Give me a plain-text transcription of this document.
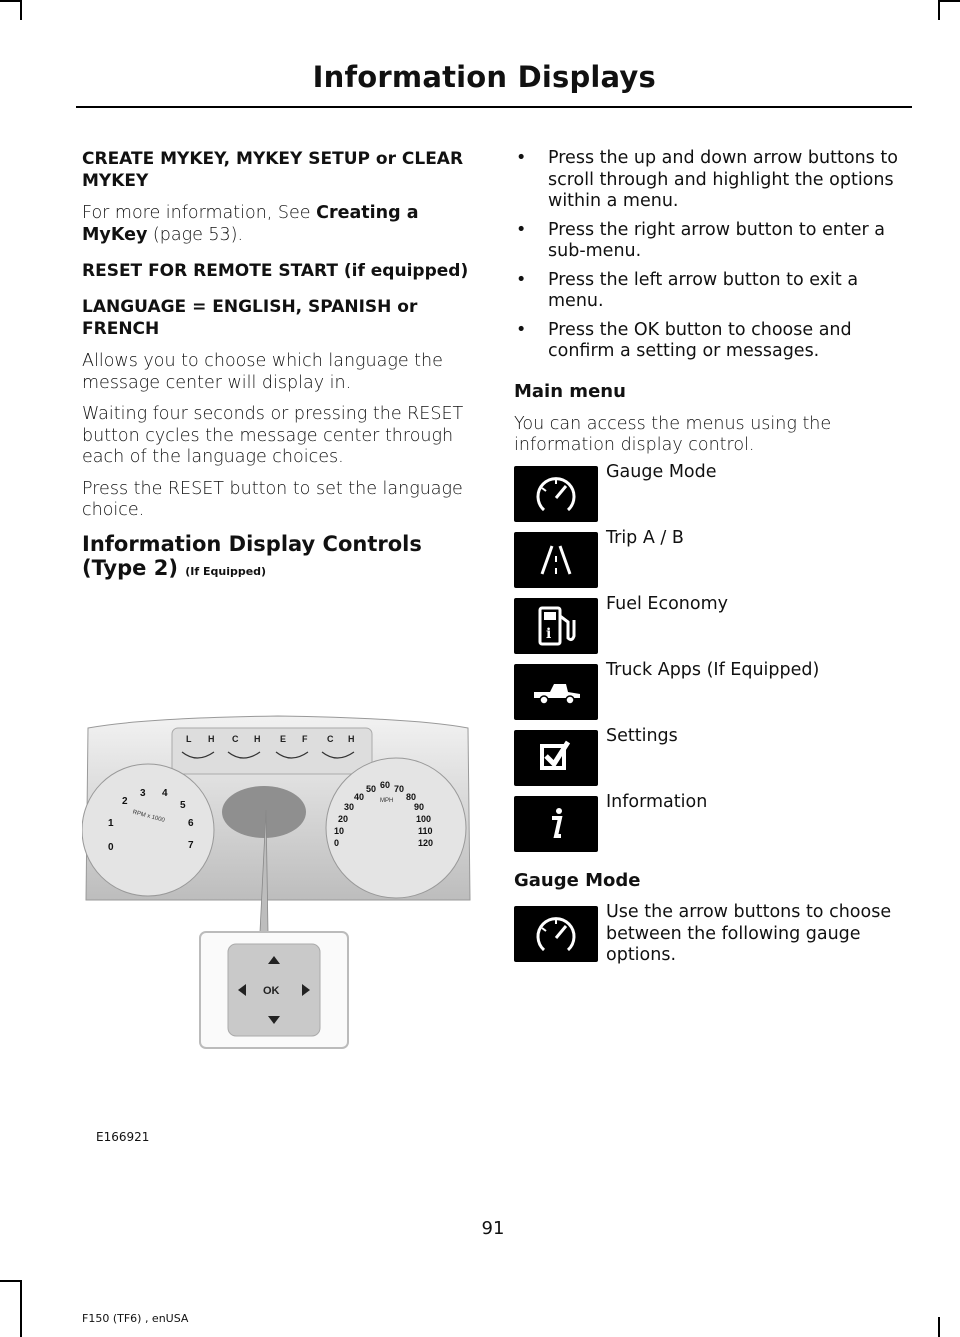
Information Displays
CREATE MYKEY, MYKEY SETUP or CLEAR MYKEY
For more information, See Creating a MyKey (page 53).
RESET FOR REMOTE START (if equipped)
LANGUAGE = ENGLISH, SPANISH or FRENCH
Allows you to choose which language the message center will display in.
Waiting four seconds or pressing the RESET button cycles the message center through each of the language choices.
Press the RESET button to set the language choice.
Information Display Controls (Type 2) (If Equipped)
L H C H E F C H
0
1
2
3 4
5
6
7
RPM x 1000
0
10
20
30
40
50 60 70
80
90
100
110
120
MPH
OK
E166921
• Press the up and down arrow buttons to scroll through and highlight the options within a menu.
• Press the right arrow button to enter a sub-menu.
• Press the left arrow button to exit a menu.
• Press the OK button to choose and confirm a setting or messages.
Main menu
You can access the menus using the information display control.
Gauge Mode
Trip A / B
i
Fuel Economy
Truck Apps (If Equipped)
Settings
Information
Gauge Mode
Use the arrow buttons to choose between the following gauge options.
91
F150 (TF6) , enUSA
